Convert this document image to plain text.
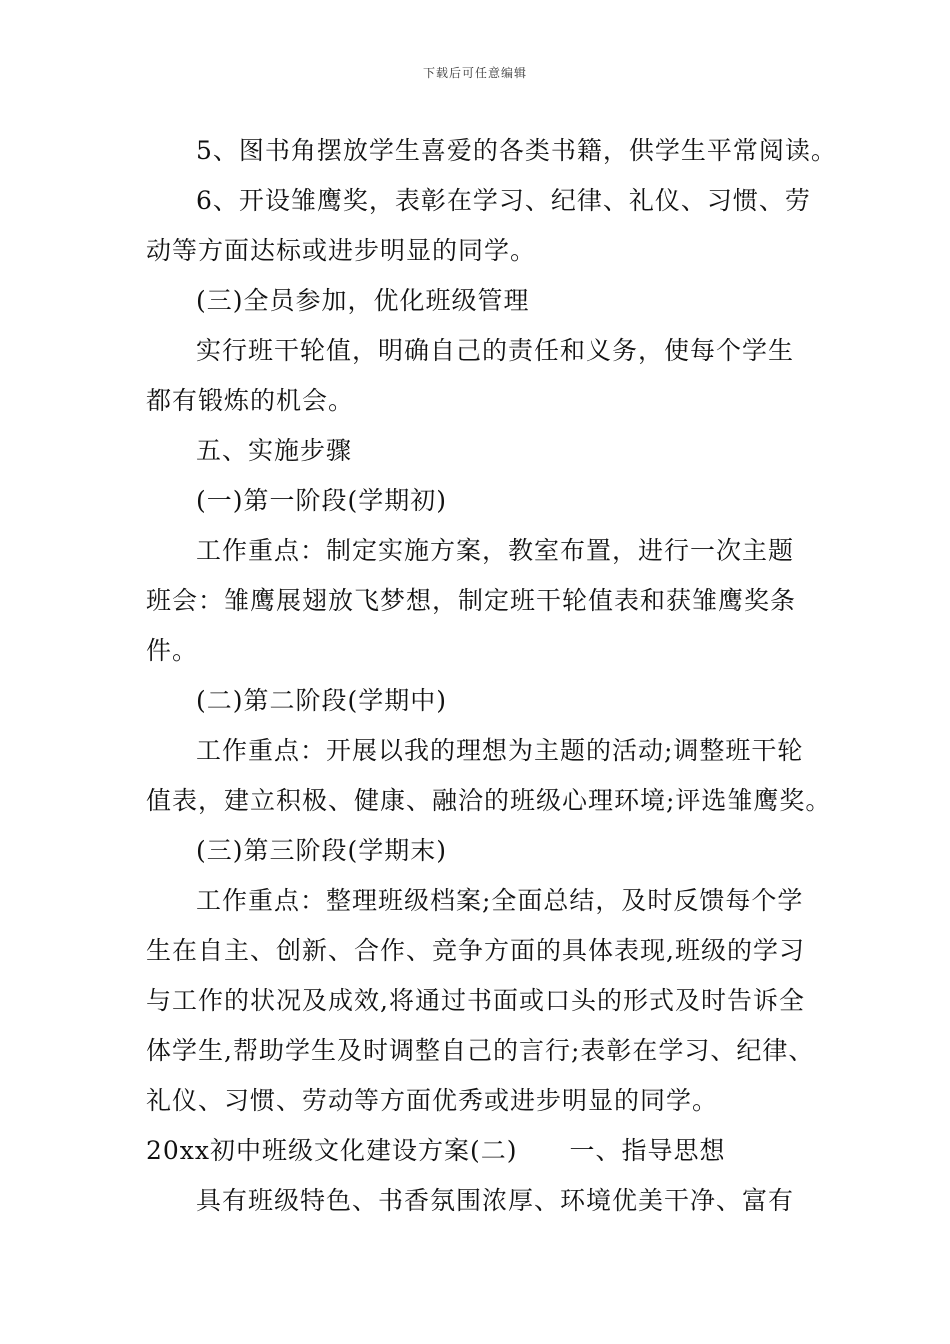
下载后可任意编辑

5、图书角摆放学生喜爱的各类书籍，供学生平常阅读。

6、开设雏鹰奖，表彰在学习、纪律、礼仪、习惯、劳

动等方面达标或进步明显的同学。

(三)全员参加，优化班级管理

实行班干轮值，明确自己的责任和义务，使每个学生

都有锻炼的机会。

五、实施步骤

(一)第一阶段(学期初)

工作重点：制定实施方案，教室布置，进行一次主题

班会：雏鹰展翅放飞梦想，制定班干轮值表和获雏鹰奖条
件。

(二)第二阶段(学期中)

工作重点：开展以我的理想为主题的活动;调整班干轮

值表，建立积极、健康、融洽的班级心理环境;评选雏鹰奖。

(三)第三阶段(学期末)

工作重点：整理班级档案;全面总结，及时反馈每个学

生在自主、创新、合作、竞争方面的具体表现,班级的学习
与工作的状况及成效,将通过书面或口头的形式及时告诉全
体学生,帮助学生及时调整自己的言行;表彰在学习、纪律、
礼仪、习惯、劳动等方面优秀或进步明显的同学。

20xx初中班级文化建设方案(二) 一、指导思想

具有班级特色、书香氛围浓厚、环境优美干净、富有
